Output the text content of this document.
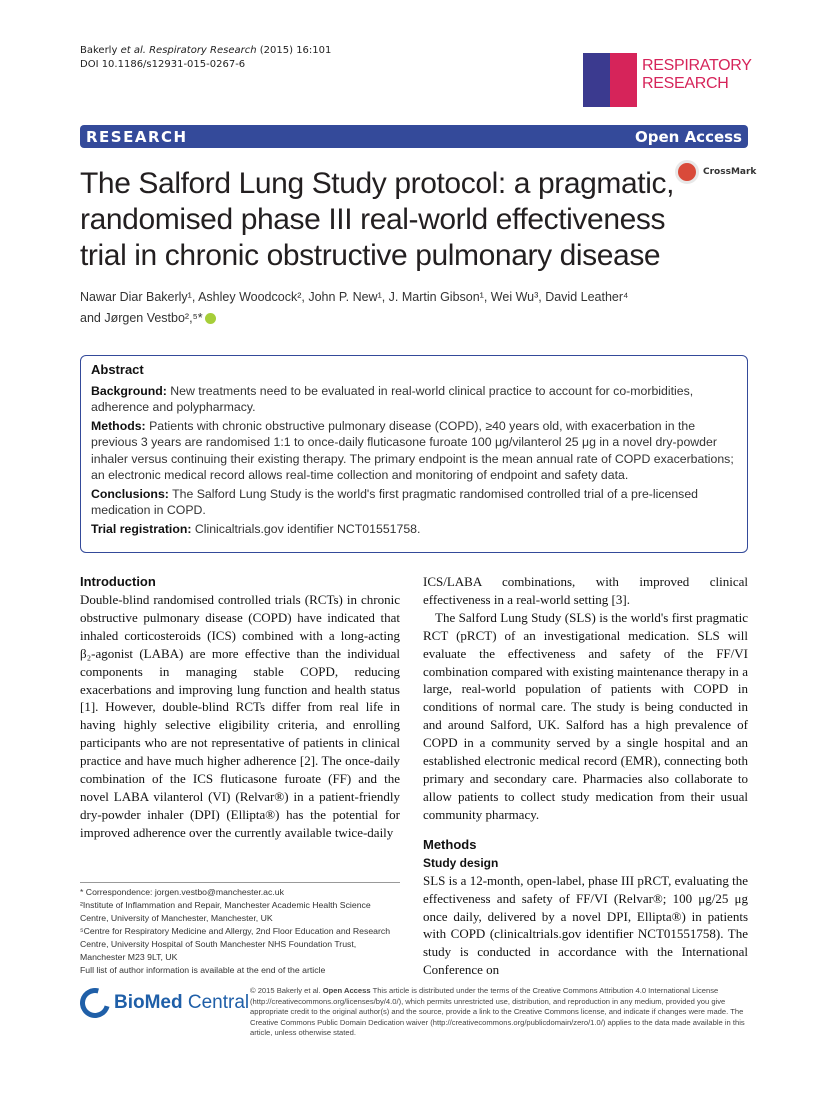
Bakerly et al. Respiratory Research (2015) 16:101
DOI 10.1186/s12931-015-0267-6	RESPIRATORY
RESEARCH
RESEARCH	Open Access
CrossMark
The Salford Lung Study protocol: a pragmatic, randomised phase III real-world effectiveness trial in chronic obstructive pulmonary disease
Nawar Diar Bakerly¹, Ashley Woodcock², John P. New¹, J. Martin Gibson¹, Wei Wu³, David Leather⁴
and Jørgen Vestbo²,⁵*
Abstract

Background: New treatments need to be evaluated in real-world clinical practice to account for co-morbidities, adherence and polypharmacy.

Methods: Patients with chronic obstructive pulmonary disease (COPD), ≥40 years old, with exacerbation in the previous 3 years are randomised 1:1 to once-daily fluticasone furoate 100 μg/vilanterol 25 μg in a novel dry-powder inhaler versus continuing their existing therapy. The primary endpoint is the mean annual rate of COPD exacerbations; an electronic medical record allows real-time collection and monitoring of endpoint and safety data.

Conclusions: The Salford Lung Study is the world's first pragmatic randomised controlled trial of a pre-licensed medication in COPD.

Trial registration: Clinicaltrials.gov identifier NCT01551758.

Introduction

Double-blind randomised controlled trials (RCTs) in chronic obstructive pulmonary disease (COPD) have indicated that inhaled corticosteroids (ICS) combined with a long-acting β₂-agonist (LABA) are more effective than the individual components in managing stable COPD, reducing exacerbations and improving lung function and health status [1]. However, double-blind RCTs differ from real life in having highly selective eligibility criteria, and enrolling participants who are not representative of patients in clinical practice and have much higher adherence [2]. The once-daily combination of the ICS fluticasone furoate (FF) and the novel LABA vilanterol (VI) (Relvar®) in a patient-friendly dry-powder inhaler (DPI) (Ellipta®) has the potential for improved adherence over the currently available twice-daily

ICS/LABA combinations, with improved clinical effectiveness in a real-world setting [3].

The Salford Lung Study (SLS) is the world's first pragmatic RCT (pRCT) of an investigational medication. SLS will evaluate the effectiveness and safety of the FF/VI combination compared with existing maintenance therapy in a large, real-world population of patients with COPD in conditions of normal care. The study is being conducted in and around Salford, UK. Salford has a high prevalence of COPD in a community served by a single hospital and an established electronic medical record (EMR), connecting both primary and secondary care. Pharmacies also collaborate to allow patients to collect study medication from their usual community pharmacy.

Methods
Study design

SLS is a 12-month, open-label, phase III pRCT, evaluating the effectiveness and safety of FF/VI (Relvar®; 100 μg/25 μg once daily, delivered by a novel DPI, Ellipta®) in patients with COPD (clinicaltrials.gov identifier NCT01551758). The study is conducted in accordance with the International Conference on

* Correspondence: jorgen.vestbo@manchester.ac.uk
²Institute of Inflammation and Repair, Manchester Academic Health Science Centre, University of Manchester, Manchester, UK
⁵Centre for Respiratory Medicine and Allergy, 2nd Floor Education and Research Centre, University Hospital of South Manchester NHS Foundation Trust, Manchester M23 9LT, UK
Full list of author information is available at the end of the article
BioMed Central
© 2015 Bakerly et al. Open Access This article is distributed under the terms of the Creative Commons Attribution 4.0 International License (http://creativecommons.org/licenses/by/4.0/), which permits unrestricted use, distribution, and reproduction in any medium, provided you give appropriate credit to the original author(s) and the source, provide a link to the Creative Commons license, and indicate if changes were made. The Creative Commons Public Domain Dedication waiver (http://creativecommons.org/publicdomain/zero/1.0/) applies to the data made available in this article, unless otherwise stated.
